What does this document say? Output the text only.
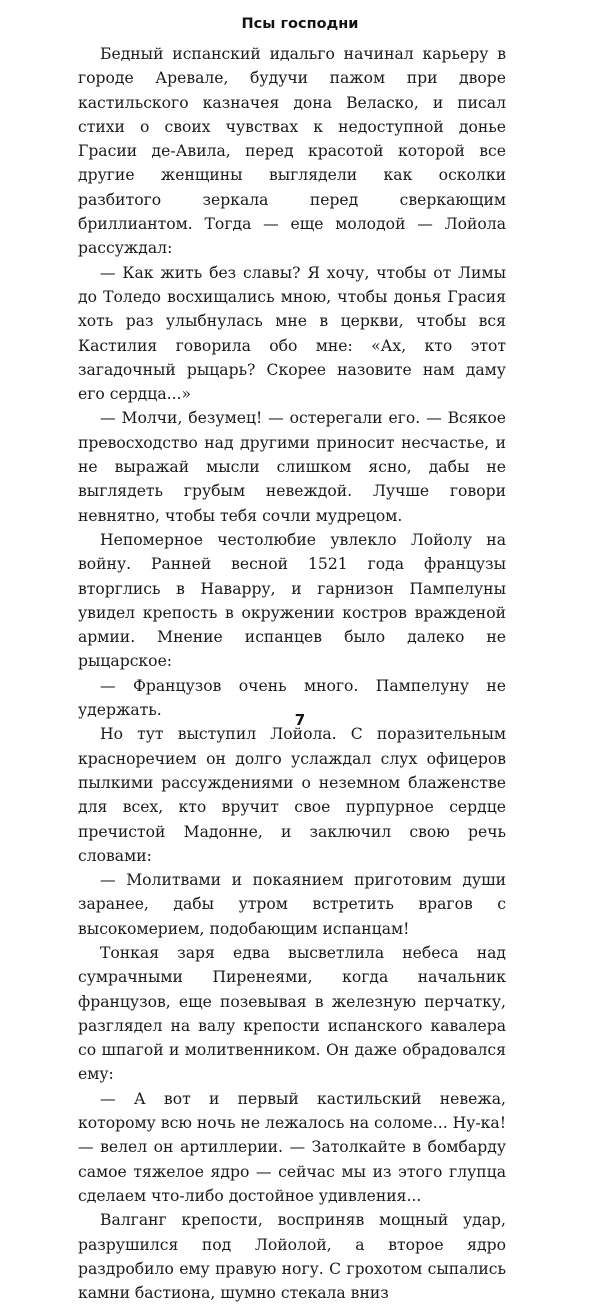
Псы господни

Бедный испанский идальго начинал карьеру в городе Аревале, будучи пажом при дворе кастильского казначея дона Веласко, и писал стихи о своих чувствах к недоступной донье Грасии де-Авила, перед красотой которой все другие женщины выглядели как осколки разбитого зеркала перед сверкающим бриллиантом. Тогда — еще молодой — Лойола рассуждал:

— Как жить без славы? Я хочу, чтобы от Лимы до Толедо восхищались мною, чтобы донья Грасия хоть раз улыбнулась мне в церкви, чтобы вся Кастилия говорила обо мне: «Ах, кто этот загадочный рыцарь? Скорее назовите нам даму его сердца...»

— Молчи, безумец! — остерегали его. — Всякое превосходство над другими приносит несчастье, и не выражай мысли слишком ясно, дабы не выглядеть грубым невеждой. Лучше говори невнятно, чтобы тебя сочли мудрецом.

Непомерное честолюбие увлекло Лойолу на войну. Ранней весной 1521 года французы вторглись в Наварру, и гарнизон Пампелуны увидел крепость в окружении костров вражденой армии. Мнение испанцев было далеко не рыцарское:

— Французов очень много. Пампелуну не удержать.

Но тут выступил Лойола. С поразительным красноречием он долго услаждал слух офицеров пылкими рассуждениями о неземном блаженстве для всех, кто вручит свое пурпурное сердце пречистой Мадонне, и заключил свою речь словами:

— Молитвами и покаянием приготовим души заранее, дабы утром встретить врагов с высокомерием, подобающим испанцам!

Тонкая заря едва высветлила небеса над сумрачными Пиренеями, когда начальник французов, еще позевывая в железную перчатку, разглядел на валу крепости испанского кавалера со шпагой и молитвенником. Он даже обрадовался ему:

— А вот и первый кастильский невежа, которому всю ночь не лежалось на соломе... Ну-ка! — велел он артиллерии. — Затолкайте в бомбарду самое тяжелое ядро — сейчас мы из этого глупца сделаем что-либо достойное удивления...

Валганг крепости, восприняв мощный удар, разрушился под Лойолой, а второе ядро раздробило ему правую ногу. С грохотом сыпались камни бастиона, шумно стекала вниз

7
